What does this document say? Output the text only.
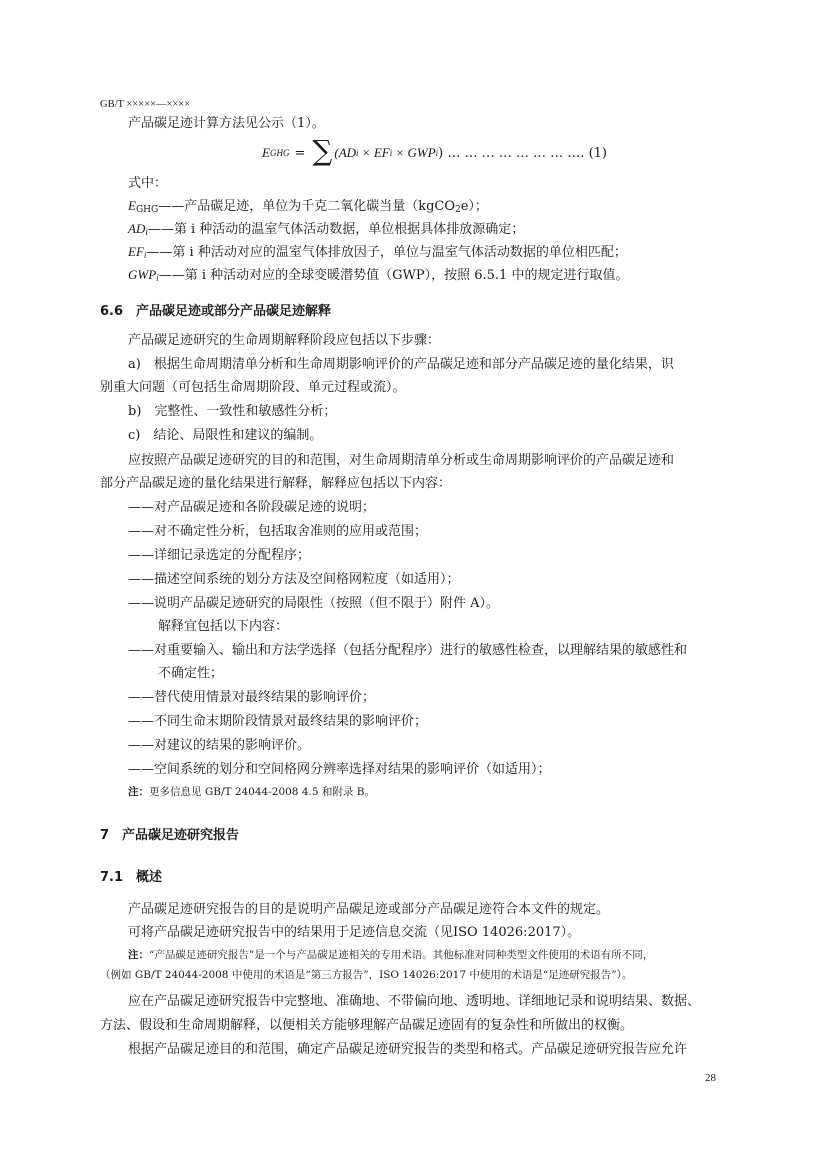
GB/T ×××××—××××
产品碳足迹计算方法见公示（1）。
E GHG = ∑ (AD i × EF i × GWP i ) … … … … … … … … . (1)
式中：
$E_{GHG}——$产品碳足迹，单位为千克二氧化碳当量（kgCO$_2$e）；
$AD_i——$第 i 种活动的温室气体活动数据，单位根据具体排放源确定；
$EF_i——$第 i 种活动对应的温室气体排放因子，单位与温室气体活动数据的单位相匹配；
$GWP_i——$第 i 种活动对应的全球变暖潜势值（GWP），按照 6.5.1 中的规定进行取值。
6.6　产品碳足迹或部分产品碳足迹解释
产品碳足迹研究的生命周期解释阶段应包括以下步骤：
a)　根据生命周期清单分析和生命周期影响评价的产品碳足迹和部分产品碳足迹的量化结果，识
别重大问题（可包括生命周期阶段、单元过程或流）。
b)　完整性、一致性和敏感性分析；
c)　结论、局限性和建议的编制。
应按照产品碳足迹研究的目的和范围，对生命周期清单分析或生命周期影响评价的产品碳足迹和
部分产品碳足迹的量化结果进行解释，解释应包括以下内容：
——对产品碳足迹和各阶段碳足迹的说明；
——对不确定性分析，包括取舍准则的应用或范围；
——详细记录选定的分配程序；
——描述空间系统的划分方法及空间格网粒度（如适用）；
——说明产品碳足迹研究的局限性（按照（但不限于）附件 A）。
解释宜包括以下内容：
——对重要输入、输出和方法学选择（包括分配程序）进行的敏感性检查，以理解结果的敏感性和
不确定性；
——替代使用情景对最终结果的影响评价；
——不同生命末期阶段情景对最终结果的影响评价；
——对建议的结果的影响评价。
——空间系统的划分和空间格网分辨率选择对结果的影响评价（如适用）；
注：更多信息见 GB/T 24044-2008 4.5 和附录 B。
7　产品碳足迹研究报告
7.1　概述
产品碳足迹研究报告的目的是说明产品碳足迹或部分产品碳足迹符合本文件的规定。
可将产品碳足迹研究报告中的结果用于足迹信息交流（见ISO 14026:2017）。
注：“产品碳足迹研究报告”是一个与产品碳足迹相关的专用术语。其他标准对同种类型文件使用的术语有所不同，
（例如 GB/T 24044-2008 中使用的术语是“第三方报告”，ISO 14026:2017 中使用的术语是“足迹研究报告”）。
应在产品碳足迹研究报告中完整地、准确地、不带偏向地、透明地、详细地记录和说明结果、数据、
方法、假设和生命周期解释，以便相关方能够理解产品碳足迹固有的复杂性和所做出的权衡。
根据产品碳足迹目的和范围，确定产品碳足迹研究报告的类型和格式。产品碳足迹研究报告应允许
28
